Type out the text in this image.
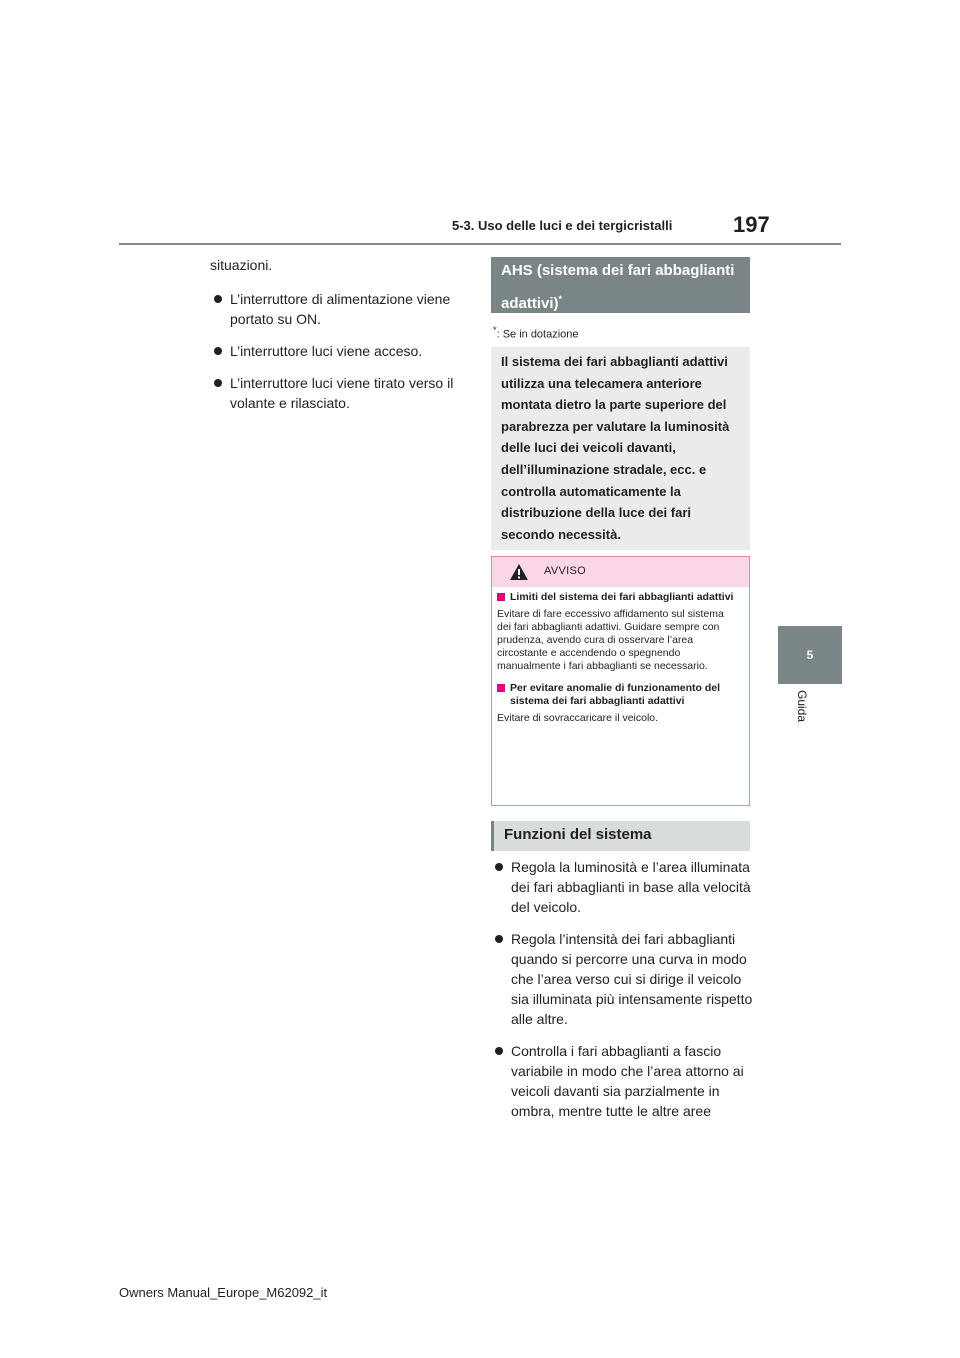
5-3. Uso delle luci e dei tergicristalli	197
5
Guida

situazioni.

L’interruttore di alimentazione viene portato su ON.
L’interruttore luci viene acceso.
L’interruttore luci viene tirato verso il volante e rilasciato.
AHS (sistema dei fari abbaglianti adattivi)*
*: Se in dotazione
Il sistema dei fari abbaglianti adattivi utilizza una telecamera anteriore montata dietro la parte superiore del parabrezza per valutare la luminosità delle luci dei veicoli davanti, dell’illuminazione stradale, ecc. e controlla automaticamente la distribuzione della luce dei fari secondo necessità.
AVVISO
Limiti del sistema dei fari abbaglianti adattivi

Evitare di fare eccessivo affidamento sul sistema dei fari abbaglianti adattivi. Guidare sempre con prudenza, avendo cura di osservare l’area circostante e accendendo o spegnendo manualmente i fari abbaglianti se necessario.

Per evitare anomalie di funzionamento del sistema dei fari abbaglianti adattivi

Evitare di sovraccaricare il veicolo.

Funzioni del sistema
Regola la luminosità e l’area illuminata dei fari abbaglianti in base alla velocità del veicolo.
Regola l’intensità dei fari abbaglianti quando si percorre una curva in modo che l’area verso cui si dirige il veicolo sia illuminata più intensamente rispetto alle altre.
Controlla i fari abbaglianti a fascio variabile in modo che l’area attorno ai veicoli davanti sia parzialmente in ombra, mentre tutte le altre aree
Owners Manual_Europe_M62092_it
